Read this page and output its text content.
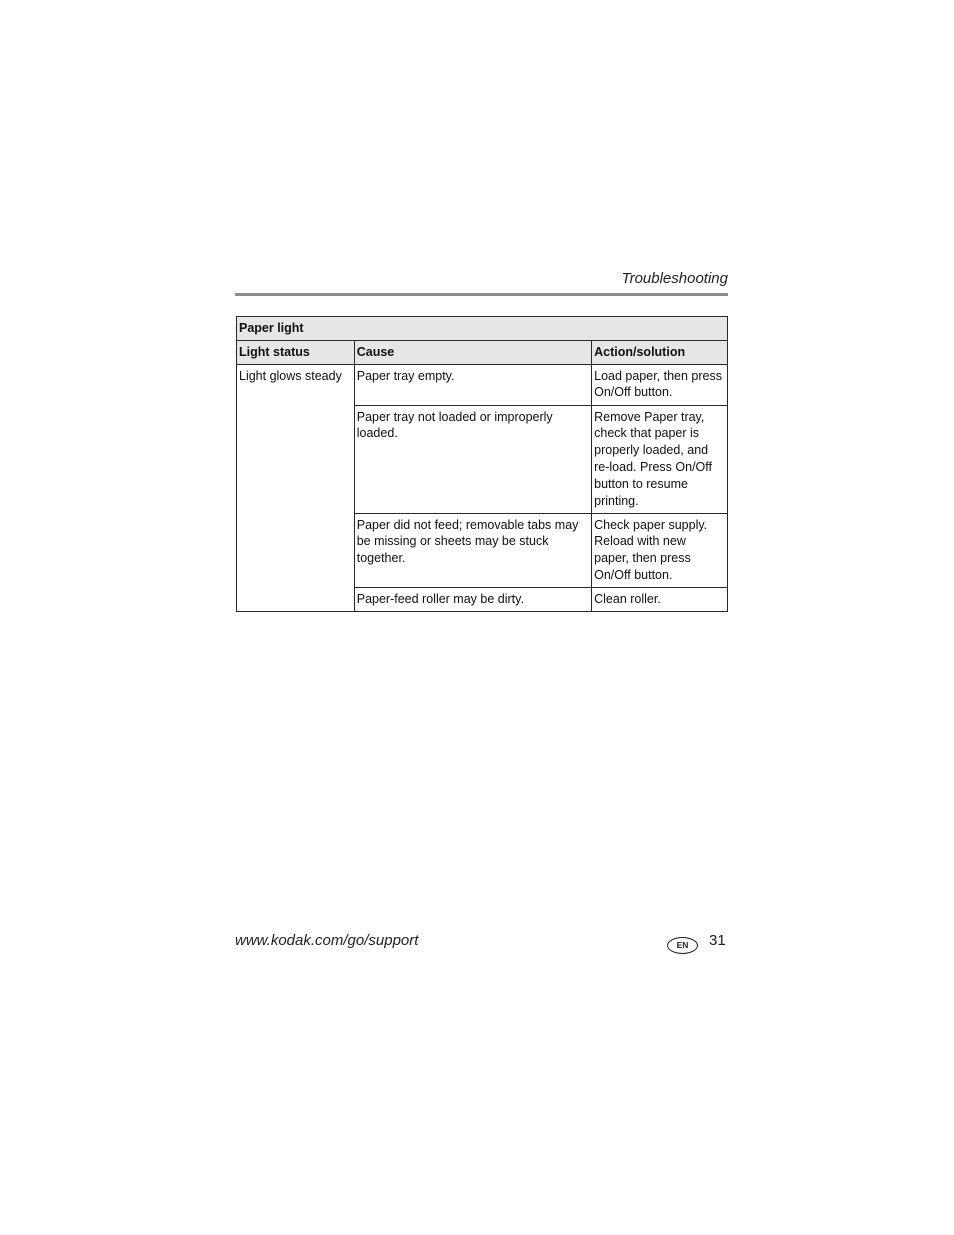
Troubleshooting
Paper light		
Light status	Cause	Action/solution
Light glows steady	Paper tray empty.	Load paper, then press On/Off button.
	Paper tray not loaded or improperly loaded.	Remove Paper tray, check that paper is properly loaded, and re-load. Press On/Off button to resume printing.
	Paper did not feed; removable tabs may be missing or sheets may be stuck together.	Check paper supply. Reload with new paper, then press On/Off button.
	Paper-feed roller may be dirty.	Clean roller.
www.kodak.com/go/support	EN	31
